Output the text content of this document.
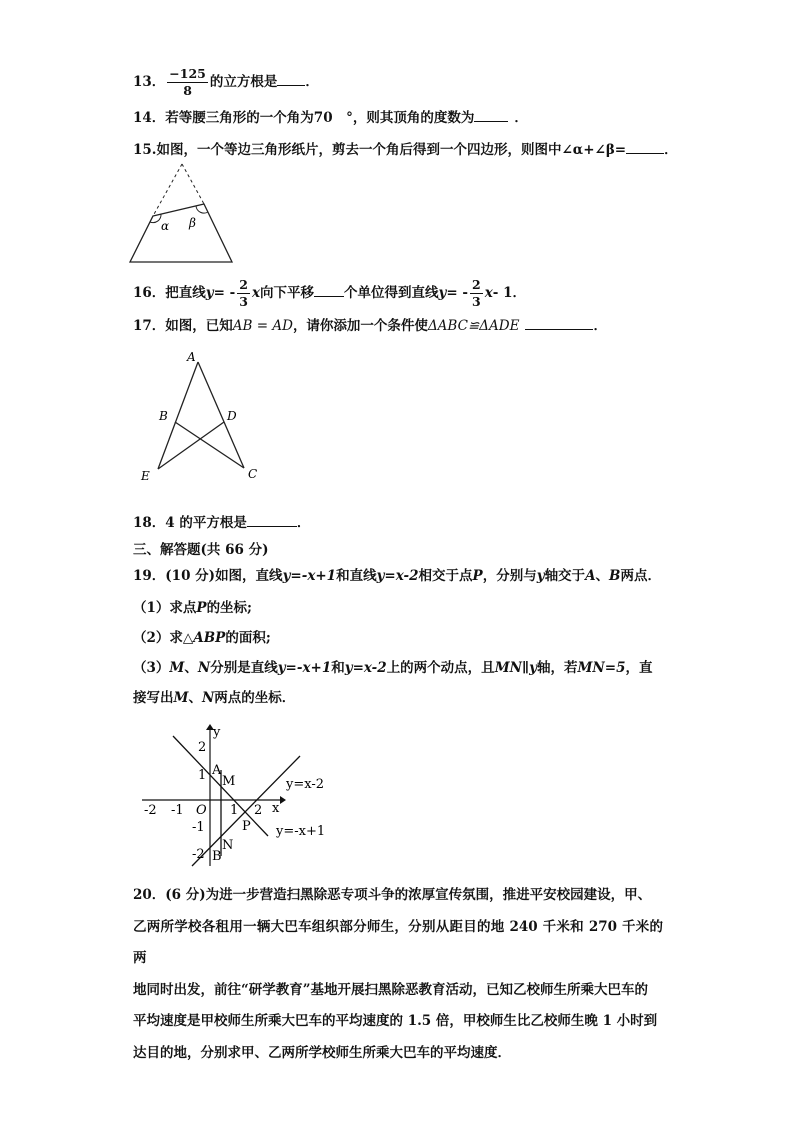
13． $\frac{-125}{8}$ 的立方根是 ．
14．若等腰三角形的一个角为70　°，则其顶角的度数为	．
15.如图，一个等边三角形纸片，剪去一个角后得到一个四边形，则图中∠α+∠β=	．
α β
16．把直线$y= - \frac{2}{3}$ x向下平移 个单位得到直线$y= - \frac{2}{3} x-$ 1．
17．如图，已知AB = AD，请你添加一个条件使ΔABC≌ΔADE	．
A
B	D
E	C
18．4 的平方根是	．
三、解答题(共 66 分)
19．(10 分)如图，直线y=-x+1和直线y=x-2相交于点P，分别与y轴交于A、B两点．
（1）求点P的坐标;
（2）求△ABP的面积;
（3）M、N分别是直线y=-x+1和y=x-2上的两个动点，且MN∥y轴，若MN=5，直
接写出M、N两点的坐标．
y
x
O
-2 -1	1 2
2
1
-1
-2
A
M
P
N
B
y=x-2
y=-x+1
20．(6 分)为进一步营造扫黑除恶专项斗争的浓厚宣传氛围，推进平安校园建设，甲、
乙两所学校各租用一辆大巴车组织部分师生，分别从距目的地 240 千米和 270 千米的两
地同时出发，前往“研学教育”基地开展扫黑除恶教育活动，已知乙校师生所乘大巴车的
平均速度是甲校师生所乘大巴车的平均速度的 1.5 倍，甲校师生比乙校师生晚 1 小时到
达目的地，分别求甲、乙两所学校师生所乘大巴车的平均速度．
